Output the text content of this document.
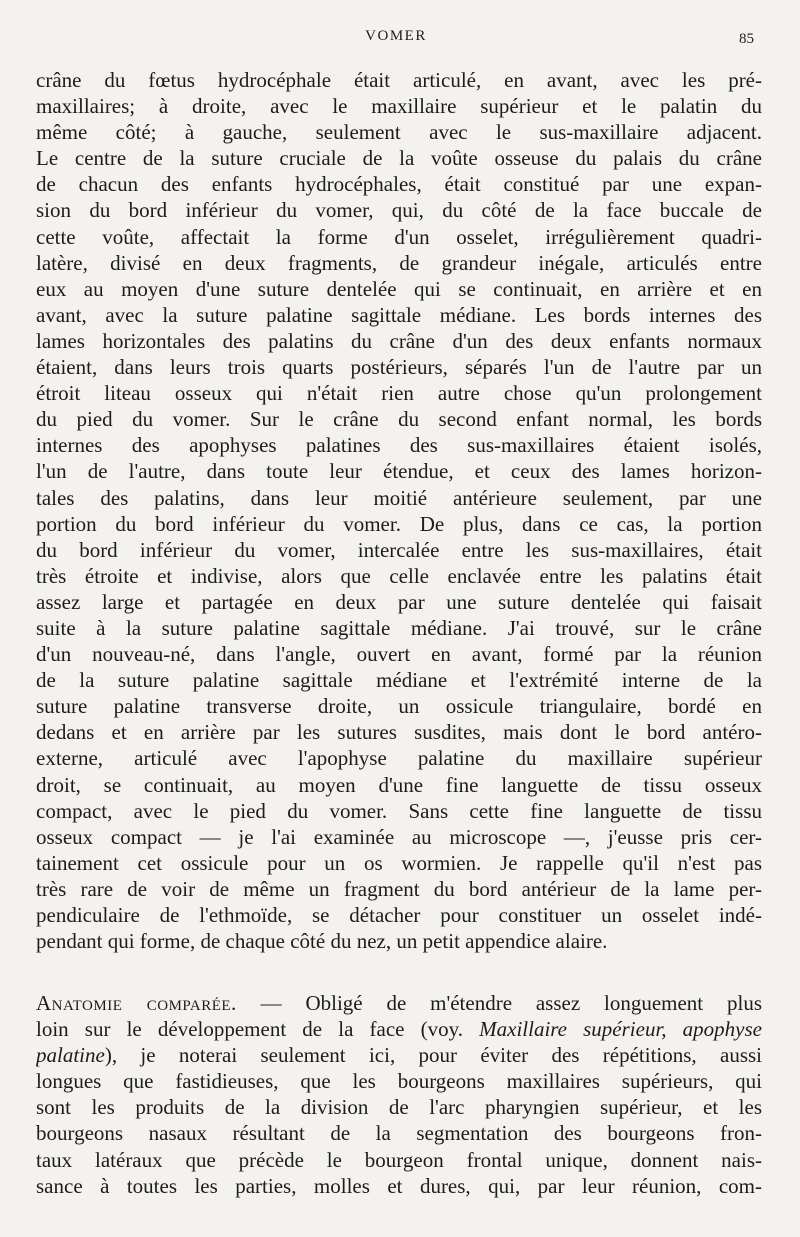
VOMER	85
crâne du fœtus hydrocéphale était articulé, en avant, avec les pré-
maxillaires; à droite, avec le maxillaire supérieur et le palatin du
même côté; à gauche, seulement avec le sus-maxillaire adjacent.
Le centre de la suture cruciale de la voûte osseuse du palais du crâne
de chacun des enfants hydrocéphales, était constitué par une expan-
sion du bord inférieur du vomer, qui, du côté de la face buccale de
cette voûte, affectait la forme d'un osselet, irrégulièrement quadri-
latère, divisé en deux fragments, de grandeur inégale, articulés entre
eux au moyen d'une suture dentelée qui se continuait, en arrière et en
avant, avec la suture palatine sagittale médiane. Les bords internes des
lames horizontales des palatins du crâne d'un des deux enfants normaux
étaient, dans leurs trois quarts postérieurs, séparés l'un de l'autre par un
étroit liteau osseux qui n'était rien autre chose qu'un prolongement
du pied du vomer. Sur le crâne du second enfant normal, les bords
internes des apophyses palatines des sus-maxillaires étaient isolés,
l'un de l'autre, dans toute leur étendue, et ceux des lames horizon-
tales des palatins, dans leur moitié antérieure seulement, par une
portion du bord inférieur du vomer. De plus, dans ce cas, la portion
du bord inférieur du vomer, intercalée entre les sus-maxillaires, était
très étroite et indivise, alors que celle enclavée entre les palatins était
assez large et partagée en deux par une suture dentelée qui faisait
suite à la suture palatine sagittale médiane. J'ai trouvé, sur le crâne
d'un nouveau-né, dans l'angle, ouvert en avant, formé par la réunion
de la suture palatine sagittale médiane et l'extrémité interne de la
suture palatine transverse droite, un ossicule triangulaire, bordé en
dedans et en arrière par les sutures susdites, mais dont le bord antéro-
externe, articulé avec l'apophyse palatine du maxillaire supérieur
droit, se continuait, au moyen d'une fine languette de tissu osseux
compact, avec le pied du vomer. Sans cette fine languette de tissu
osseux compact — je l'ai examinée au microscope —, j'eusse pris cer-
tainement cet ossicule pour un os wormien. Je rappelle qu'il n'est pas
très rare de voir de même un fragment du bord antérieur de la lame per-
pendiculaire de l'ethmoïde, se détacher pour constituer un osselet indé-
pendant qui forme, de chaque côté du nez, un petit appendice alaire.
Anatomie comparée. — Obligé de m'étendre assez longuement plus
loin sur le développement de la face (voy. Maxillaire supérieur, apophyse
palatine), je noterai seulement ici, pour éviter des répétitions, aussi
longues que fastidieuses, que les bourgeons maxillaires supérieurs, qui
sont les produits de la division de l'arc pharyngien supérieur, et les
bourgeons nasaux résultant de la segmentation des bourgeons fron-
taux latéraux que précède le bourgeon frontal unique, donnent nais-
sance à toutes les parties, molles et dures, qui, par leur réunion, com-
